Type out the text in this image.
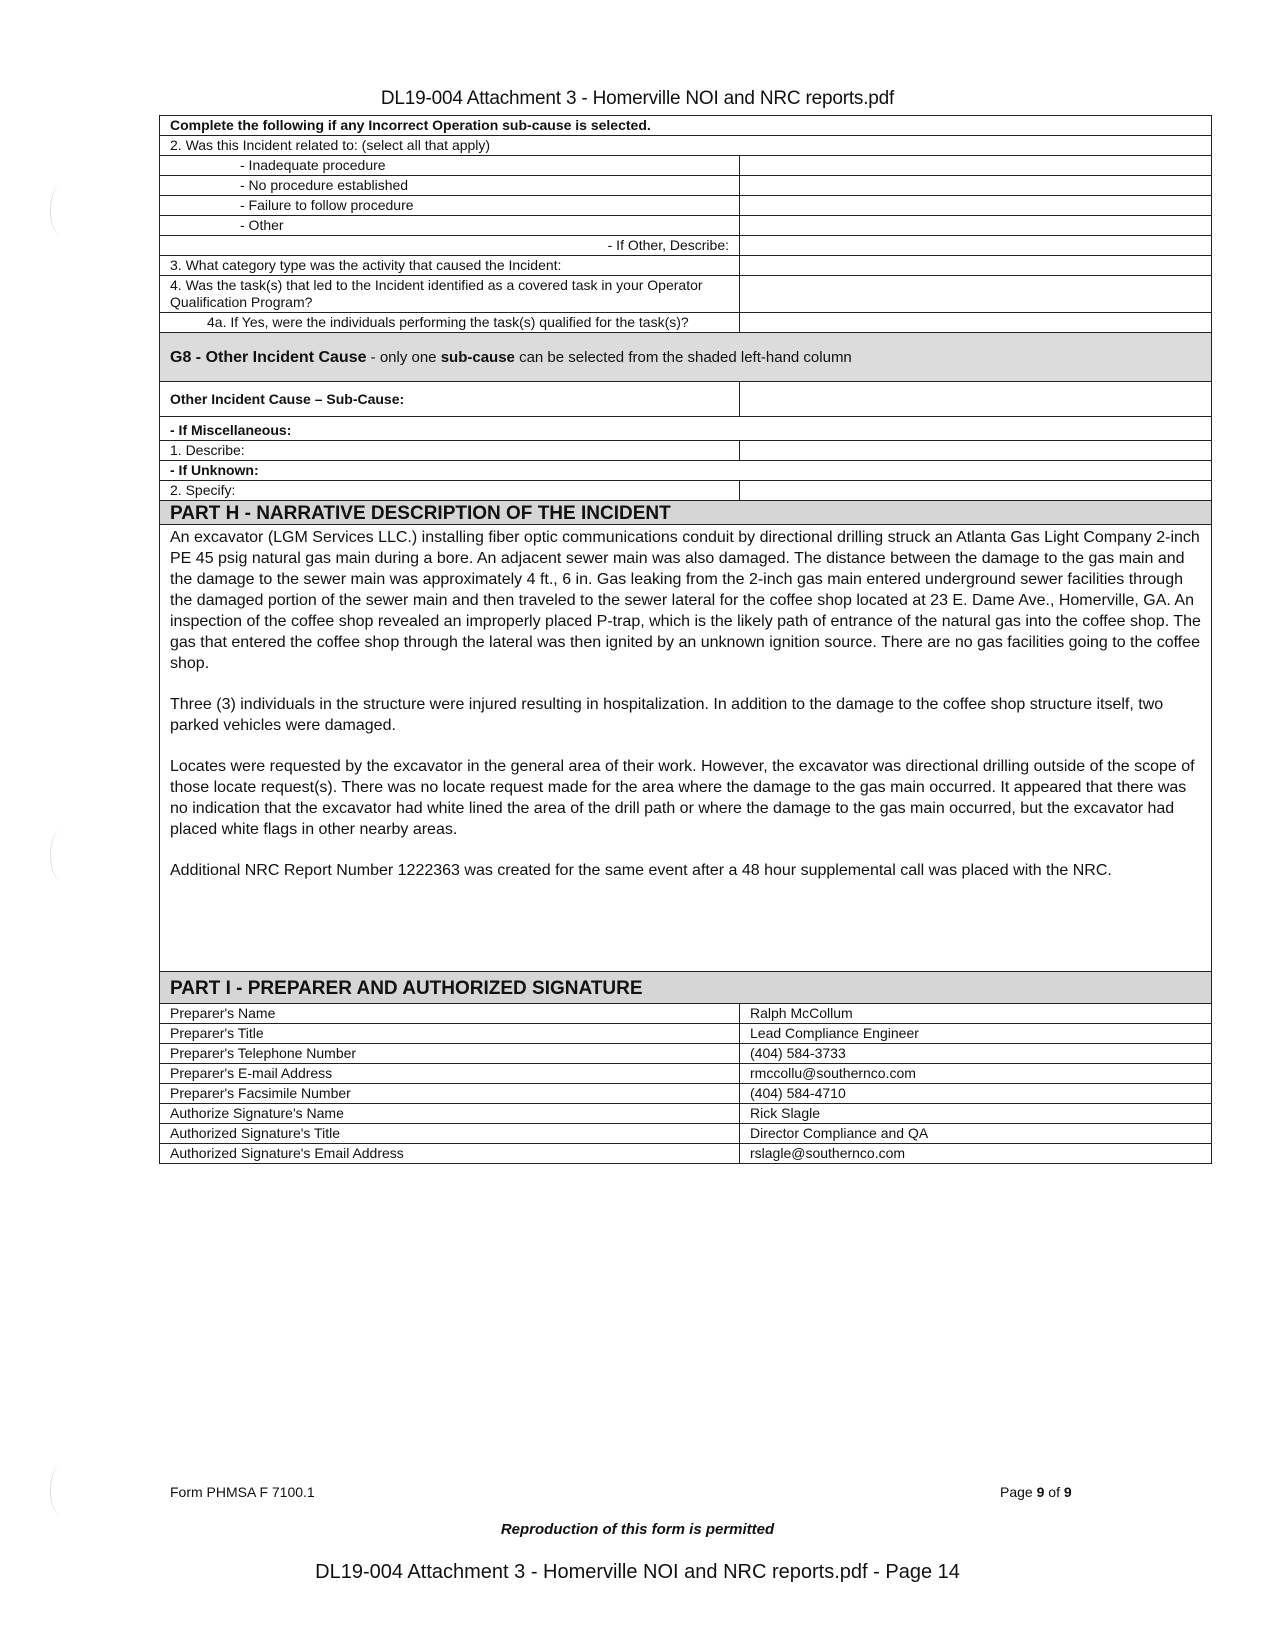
DL19-004 Attachment 3 - Homerville NOI and NRC reports.pdf
Complete the following if any Incorrect Operation sub-cause is selected.
2. Was this Incident related to: (select all that apply)
- Inadequate procedure
- No procedure established
- Failure to follow procedure
- Other
- If Other, Describe:
3. What category type was the activity that caused the Incident:
4. Was the task(s) that led to the Incident identified as a covered task in your Operator Qualification Program?
4a. If Yes, were the individuals performing the task(s) qualified for the task(s)?
G8 - Other Incident Cause - only one sub-cause can be selected from the shaded left-hand column
Other Incident Cause – Sub-Cause:
- If Miscellaneous:
1. Describe:
- If Unknown:
2. Specify:
PART H - NARRATIVE DESCRIPTION OF THE INCIDENT

An excavator (LGM Services LLC.) installing fiber optic communications conduit by directional drilling struck an Atlanta Gas Light Company 2-inch PE 45 psig natural gas main during a bore. An adjacent sewer main was also damaged. The distance between the damage to the gas main and the damage to the sewer main was approximately 4 ft., 6 in. Gas leaking from the 2-inch gas main entered underground sewer facilities through the damaged portion of the sewer main and then traveled to the sewer lateral for the coffee shop located at 23 E. Dame Ave., Homerville, GA. An inspection of the coffee shop revealed an improperly placed P-trap, which is the likely path of entrance of the natural gas into the coffee shop. The gas that entered the coffee shop through the lateral was then ignited by an unknown ignition source. There are no gas facilities going to the coffee shop.

Three (3) individuals in the structure were injured resulting in hospitalization. In addition to the damage to the coffee shop structure itself, two parked vehicles were damaged.

Locates were requested by the excavator in the general area of their work. However, the excavator was directional drilling outside of the scope of those locate request(s). There was no locate request made for the area where the damage to the gas main occurred. It appeared that there was no indication that the excavator had white lined the area of the drill path or where the damage to the gas main occurred, but the excavator had placed white flags in other nearby areas.

Additional NRC Report Number 1222363 was created for the same event after a 48 hour supplemental call was placed with the NRC.

PART I - PREPARER AND AUTHORIZED SIGNATURE
Preparer's Name	Ralph McCollum
Preparer's Title	Lead Compliance Engineer
Preparer's Telephone Number	(404) 584-3733
Preparer's E-mail Address	rmccollu@southernco.com
Preparer's Facsimile Number	(404) 584-4710
Authorize Signature's Name	Rick Slagle
Authorized Signature's Title	Director Compliance and QA
Authorized Signature's Email Address	rslagle@southernco.com
Form PHMSA F 7100.1	Page 9 of 9
Reproduction of this form is permitted
DL19-004 Attachment 3 - Homerville NOI and NRC reports.pdf - Page 14
